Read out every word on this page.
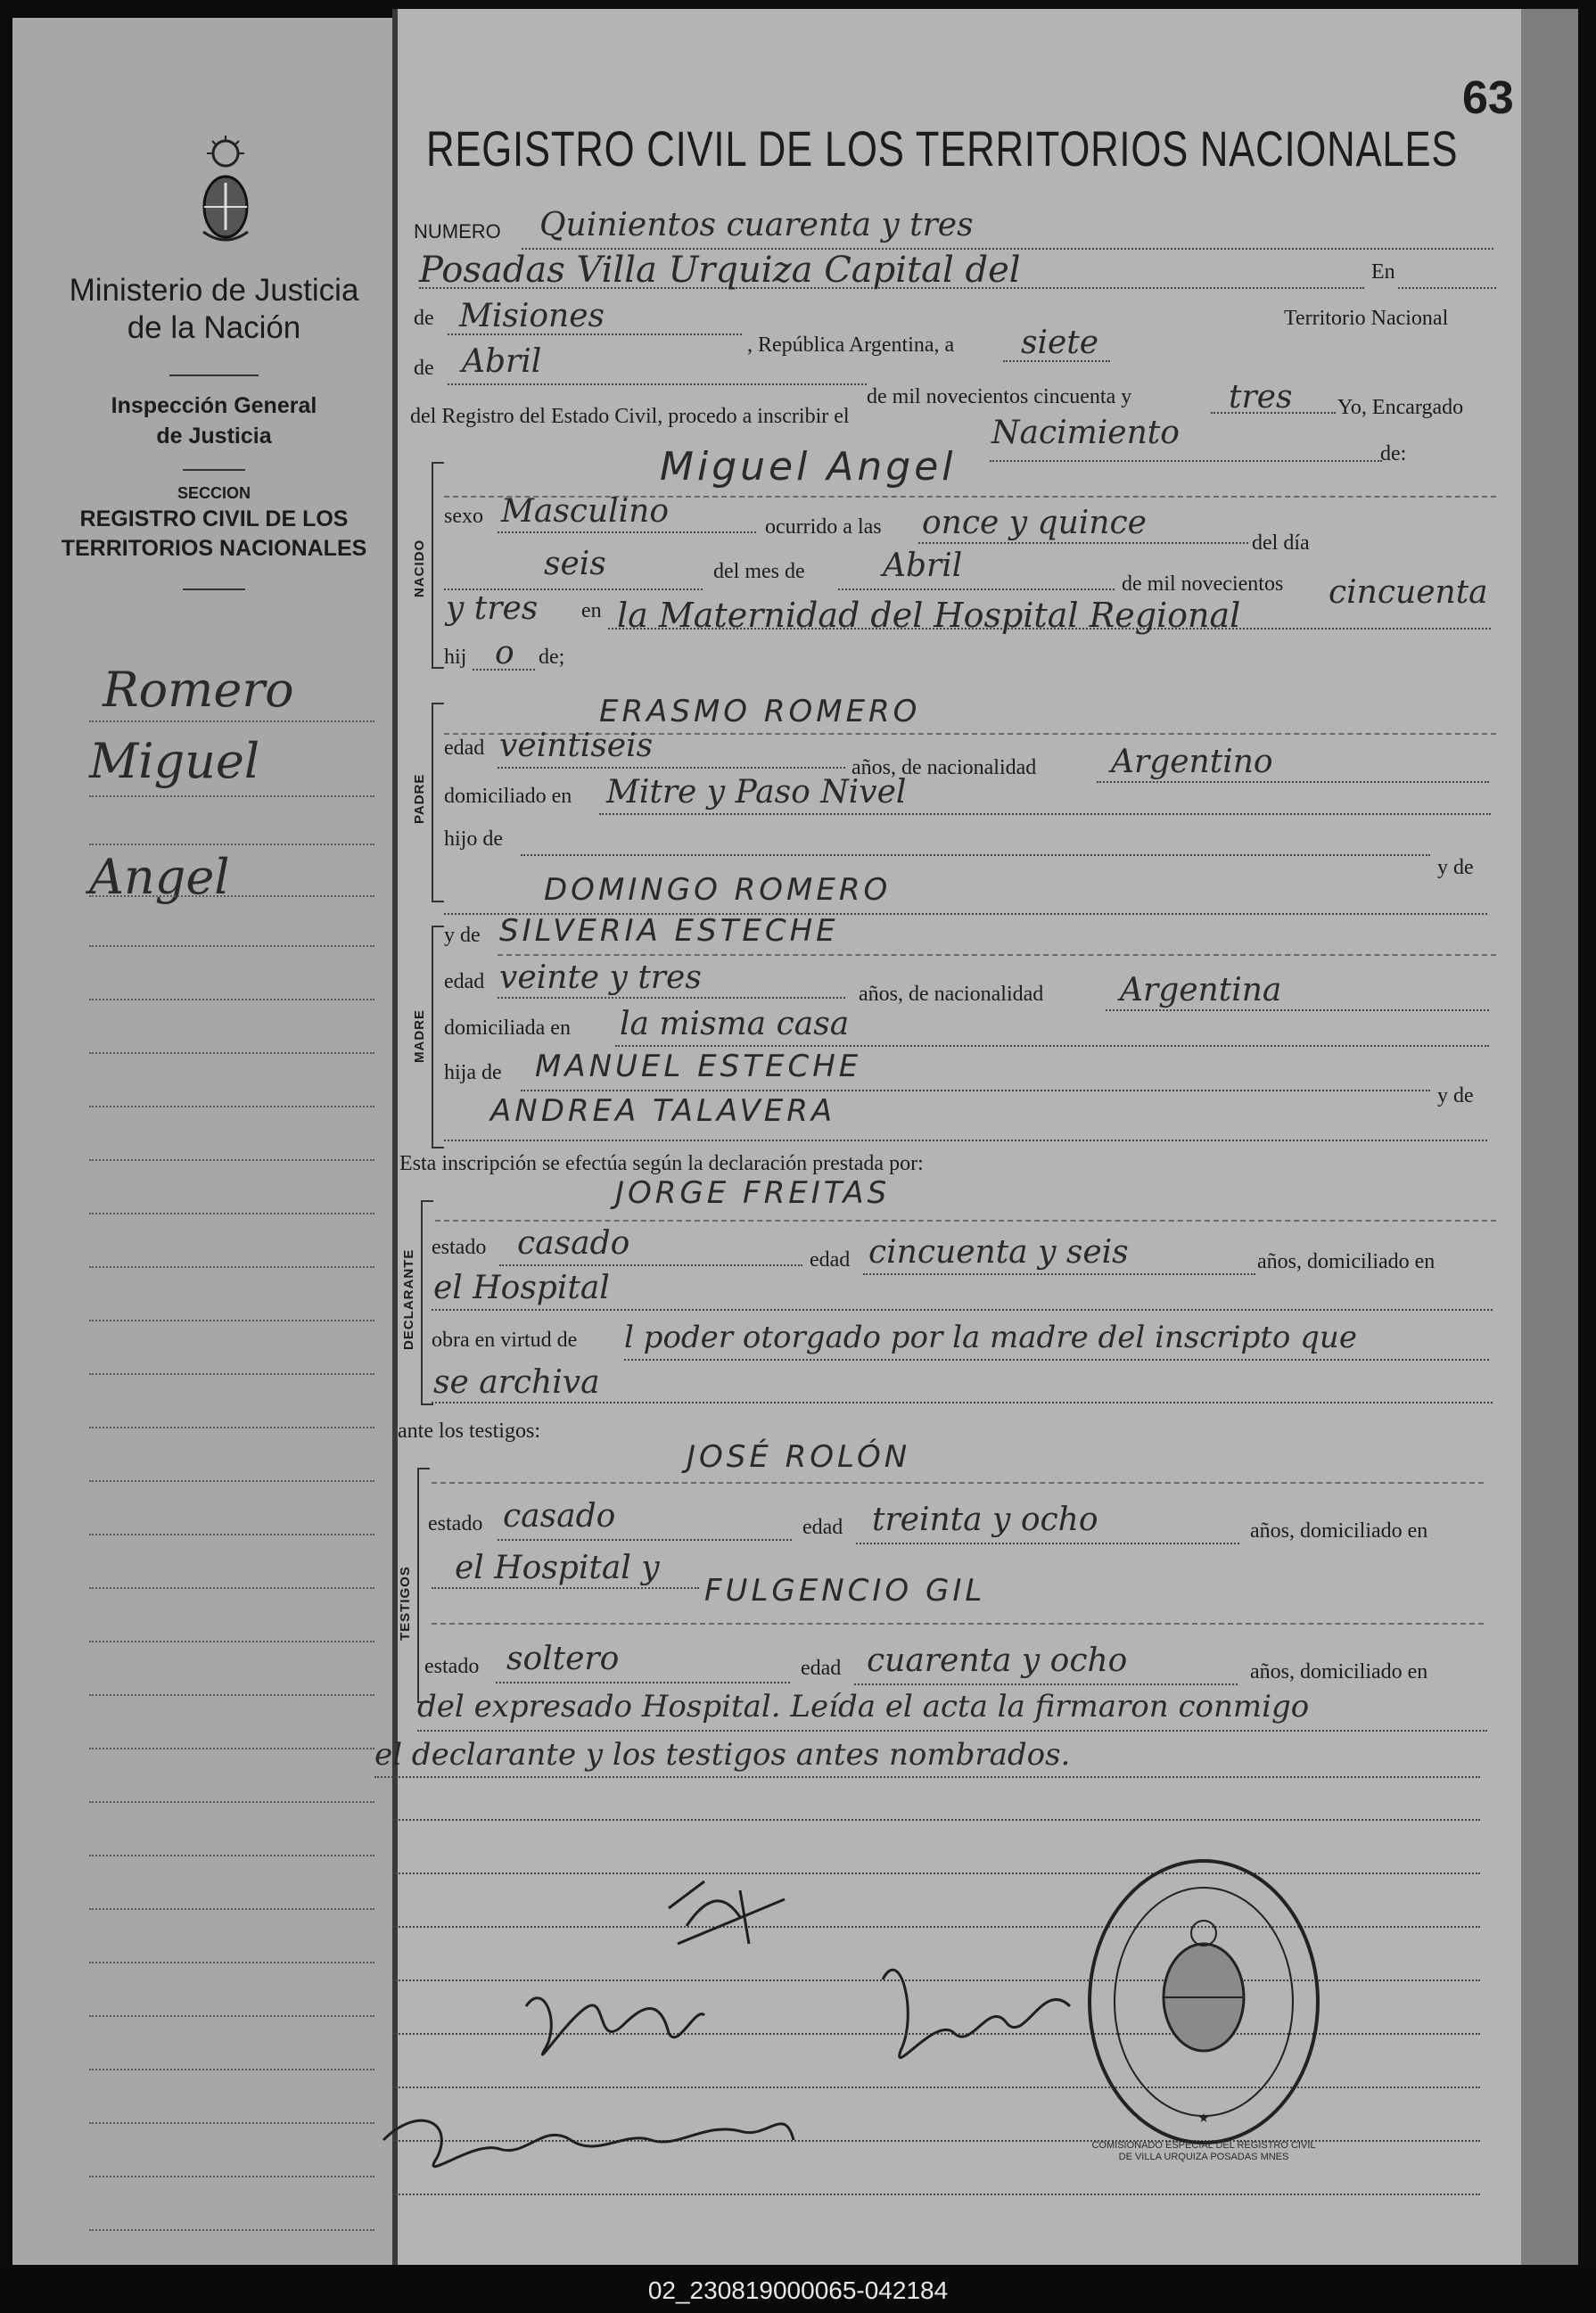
Ministerio de Justicia
de la Nación
Inspección General
de Justicia
SECCION
REGISTRO CIVIL DE LOS
TERRITORIOS NACIONALES
Romero
Miguel
Angel
63
REGISTRO CIVIL DE LOS TERRITORIOS NACIONALES
NUMERO Quinientos cuarenta y tres
Posadas Villa Urquiza Capital del	En
de Misiones
, República Argentina, a siete
Territorio Nacional
de Abril
de mil novecientos cincuenta y	tres Yo, Encargado
del Registro del Estado Civil, procedo a inscribir el	Nacimiento
de:
NACIDO
Miguel Angel
sexo Masculino	ocurrido a las once y quince
del día
seis	del mes de Abril	de mil novecientos cincuenta
y tres en la Maternidad del Hospital Regional
hij o de;
PADRE
ERASMO ROMERO
edad veintiseis
años, de nacionalidad Argentino
domiciliado en Mitre y Paso Nivel
hijo de
y de
DOMINGO ROMERO
MADRE
y de SILVERIA ESTECHE
edad veinte y tres	años, de nacionalidad Argentina
domiciliada en la misma casa
hija de MANUEL ESTECHE
y de
ANDREA TALAVERA
Esta inscripción se efectúa según la declaración prestada por:
JORGE FREITAS
DECLARANTE
estado casado	edad cincuenta y seis	años, domiciliado en
el Hospital
obra en virtud de l poder otorgado por la madre del inscripto que
se archiva
ante los testigos:
JOSÉ ROLÓN
TESTIGOS
estado casado	edad treinta y ocho	años, domiciliado en
el Hospital y
FULGENCIO GIL
estado soltero	edad cuarenta y ocho	años, domiciliado en
del expresado Hospital. Leída el acta la firmaron conmigo
el declarante y los testigos antes nombrados.
★
COMISIONADO ESPECIAL DEL REGISTRO CIVIL DE VILLA URQUIZA POSADAS MNES
02_230819000065-042184
